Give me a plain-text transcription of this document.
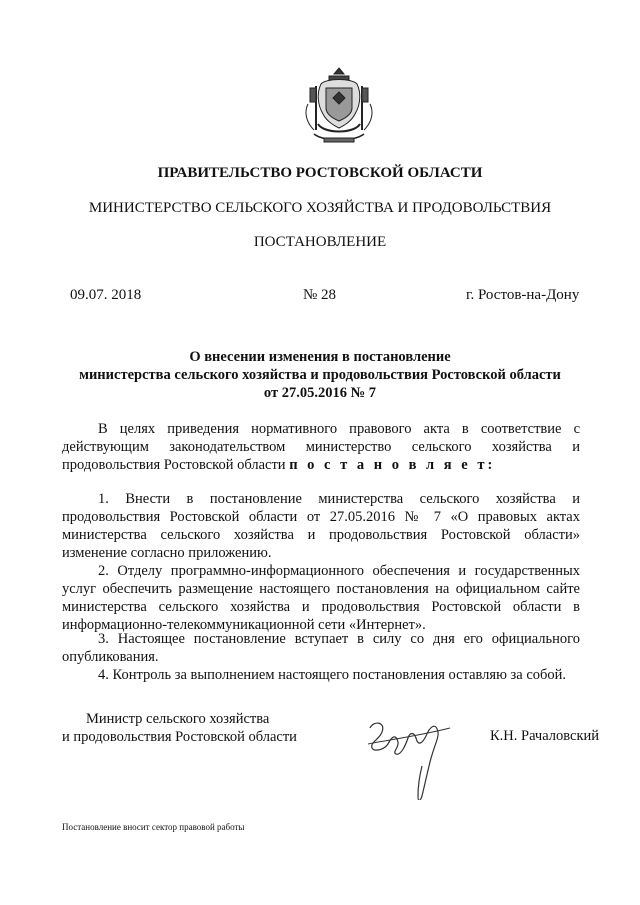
ПРАВИТЕЛЬСТВО РОСТОВСКОЙ ОБЛАСТИ
МИНИСТЕРСТВО СЕЛЬСКОГО ХОЗЯЙСТВА И ПРОДОВОЛЬСТВИЯ
ПОСТАНОВЛЕНИЕ
09.07. 2018	№ 28	г. Ростов-на-Дону
О внесении изменения в постановление
министерства сельского хозяйства и продовольствия Ростовской области
от 27.05.2016 № 7

В целях приведения нормативного правового акта в соответствие с действующим законодательством министерство сельского хозяйства и продовольствия Ростовской области п о с т а н о в л я е т:

1. Внести в постановление министерства сельского хозяйства и продовольствия Ростовской области от 27.05.2016 № 7 «О правовых актах министерства сельского хозяйства и продовольствия Ростовской области» изменение согласно приложению.

2. Отделу программно-информационного обеспечения и государственных услуг обеспечить размещение настоящего постановления на официальном сайте министерства сельского хозяйства и продовольствия Ростовской области в информационно-телекоммуникационной сети «Интернет».

3. Настоящее постановление вступает в силу со дня его официального опубликования.

4. Контроль за выполнением настоящего постановления оставляю за собой.

Министр сельского хозяйства
и продовольствия Ростовской области	К.Н. Рачаловский
Постановление вносит сектор правовой работы
